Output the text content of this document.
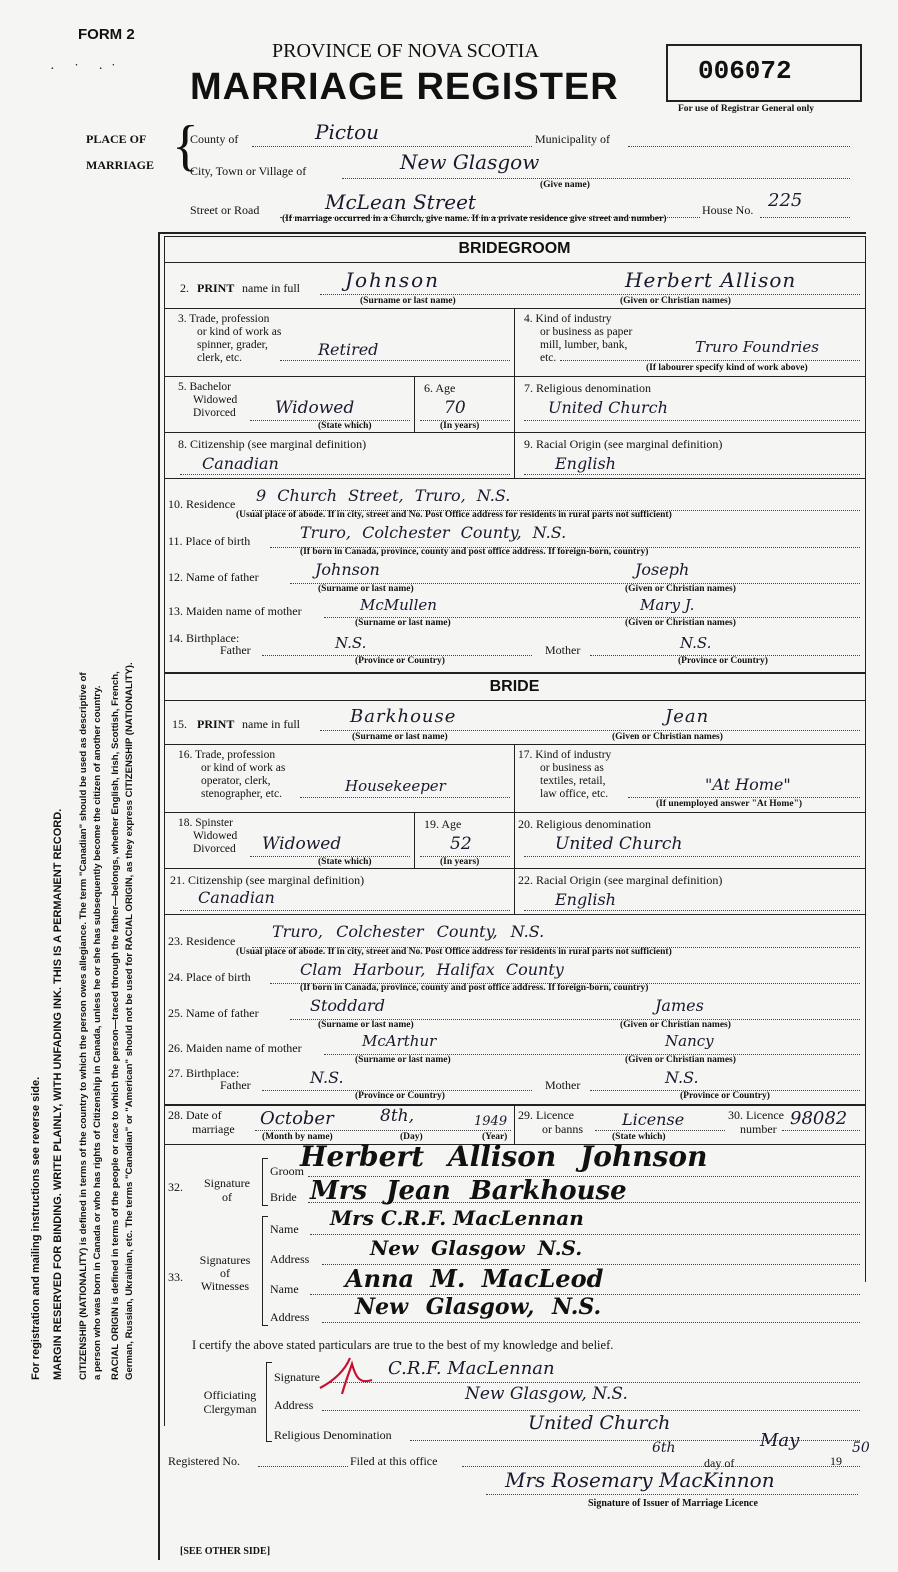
FORM 2
· ˙ ·˙
PROVINCE OF NOVA SCOTIA
MARRIAGE REGISTER	006072
For use of Registrar General only
PLACE OF
MARRIAGE {
County of	Pictou	Municipality of
City, Town or Village of	New Glasgow
(Give name)
Street or Road	McLean Street	House No. 225
(If marriage occurred in a Church, give name. If in a private residence give street and number)
For registration and mailing instructions see reverse side. MARGIN RESERVED FOR BINDING. WRITE PLAINLY, WITH UNFADING INK. THIS IS A PERMANENT RECORD.	CITIZENSHIP (NATIONALITY) is defined in terms of the country to which the person owes allegiance. The term "Canadian" should be used as descriptive of a person who was born in Canada or who has rights of Citizenship in Canada, unless he or she has subsequently become the citizen of another country. RACIAL ORIGIN is defined in terms of the people or race to which the person—traced through the father—belongs, whether English, Irish, Scottish, French, German, Russian, Ukrainian, etc. The terms "Canadian" or "American" should not be used for RACIAL ORIGIN, as they express CITIZENSHIP (NATIONALITY).
BRIDEGROOM
2. PRINT name in full Johnson	Herbert Allison
(Surname or last name)	(Given or Christian names)
3. Trade, profession
or kind of work as
spinner, grader,
clerk, etc.	Retired
4. Kind of industry
or business as paper
mill, lumber, bank,
etc.
Truro Foundries
(If labourer specify kind of work above)
5. Bachelor
Widowed
Divorced Widowed
(State which)
6. Age
70
(In years)
7. Religious denomination
United Church
8. Citizenship (see marginal definition)
Canadian
9. Racial Origin (see marginal definition)
English
10. Residence 9 Church Street, Truro, N.S.
(Usual place of abode. If in city, street and No. Post Office address for residents in rural parts not sufficient)
11. Place of birth	Truro, Colchester County, N.S.
(If born in Canada, province, county and post office address. If foreign-born, country)
12. Name of father	Johnson	Joseph
(Surname or last name)	(Given or Christian names)
13. Maiden name of mother	McMullen	Mary J.
(Surname or last name)	(Given or Christian names)
14. Birthplace:
Father	N.S.
(Province or Country)
Mother	N.S.
(Province or Country)
BRIDE
15. PRINT name in full	Barkhouse	Jean
(Surname or last name)	(Given or Christian names)
16. Trade, profession
or kind of work as
operator, clerk,
stenographer, etc.	Housekeeper
17. Kind of industry
or business as
textiles, retail,
law office, etc.	"At Home"
(If unemployed answer "At Home")
18. Spinster
Widowed
Divorced Widowed
(State which)
19. Age
52
(In years)
20. Religious denomination
United Church
21. Citizenship (see marginal definition)
Canadian
22. Racial Origin (see marginal definition)
English
23. Residence Truro, Colchester County, N.S.
(Usual place of abode. If in city, street and No. Post Office address for residents in rural parts not sufficient)
24. Place of birth	Clam Harbour, Halifax County
(If born in Canada, province, county and post office address. If foreign-born, country)
25. Name of father	Stoddard	James
(Surname or last name)	(Given or Christian names)
26. Maiden name of mother	McArthur	Nancy
(Surname or last name)	(Given or Christian names)
27. Birthplace:
Father	N.S.
(Province or Country)
Mother	N.S.
(Province or Country)
28. Date of
marriage October	8th,	1949
(Month by name)	(Day)	(Year)
29. Licence
or banns License
(State which)
30. Licence
number 98082
32.	Signature
of
Groom
Herbert Allison Johnson
Bride Mrs Jean Barkhouse
33.
Signatures
of
Witnesses
Name Mrs C.R.F. MacLennan
Address	New Glasgow N.S.
Name Anna M. MacLeod
Address New Glasgow, N.S.
I certify the above stated particulars are true to the best of my knowledge and belief.
Officiating
Clergyman
Signature	C.R.F. MacLennan
Address
New Glasgow, N.S.
Religious Denomination
United Church
Registered No.	Filed at this office
6th
day of
May
19
50
Mrs Rosemary MacKinnon
Signature of Issuer of Marriage Licence
[SEE OTHER SIDE]
